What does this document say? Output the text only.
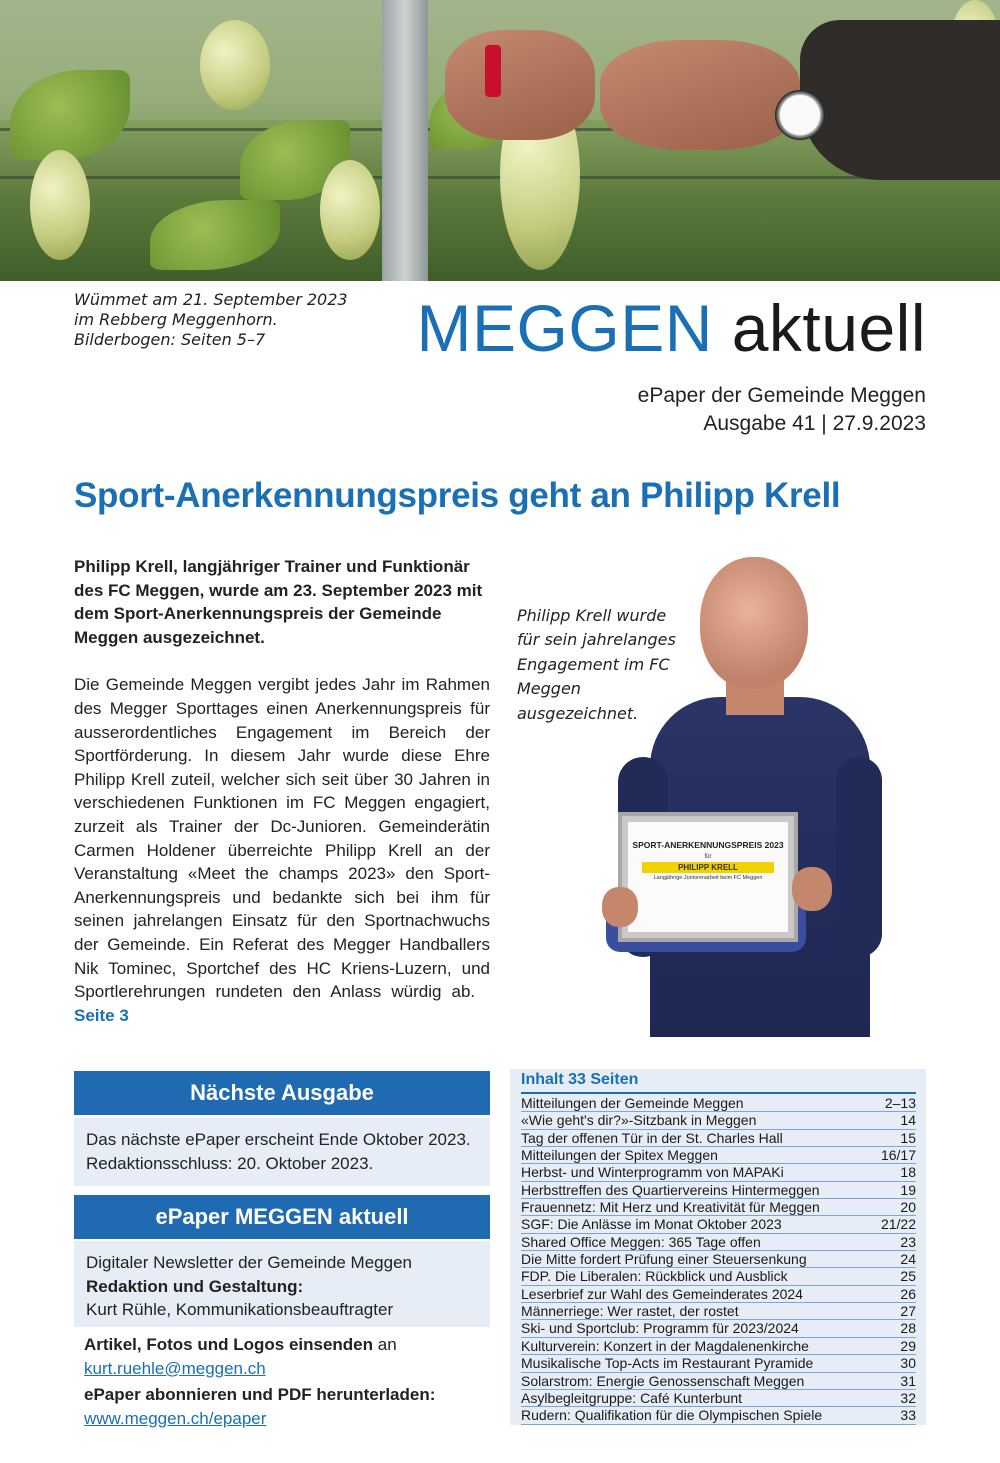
Wümmet am 21. September 2023
im Rebberg Meggenhorn.
Bilderbogen: Seiten 5–7	MEGGEN aktuell
ePaper der Gemeinde Meggen
Ausgabe 41 | 27.9.2023
Sport-Anerkennungspreis geht an Philipp Krell

Philipp Krell, langjähriger Trainer und Funktionär des FC Meggen, wurde am 23. September 2023 mit dem Sport-Anerkennungspreis der Gemeinde Meggen ausgezeichnet.

Die Gemeinde Meggen vergibt jedes Jahr im Rahmen des Megger Sporttages einen Anerkennungspreis für ausserordentliches Engagement im Bereich der Sportförderung. In diesem Jahr wurde diese Ehre Philipp Krell zuteil, welcher sich seit über 30 Jahren in verschiedenen Funktionen im FC Meggen engagiert, zurzeit als Trainer der Dc-Junioren. Gemeinderätin Carmen Holdener überreichte Philipp Krell an der Veranstaltung «Meet the champs 2023» den Sport-Anerkennungspreis und bedankte sich bei ihm für seinen jahrelangen Einsatz für den Sportnachwuchs der Gemeinde. Ein Referat des Megger Handballers Nik Tominec, Sportchef des HC Kriens-Luzern, und Sportlerehrungen rundeten den Anlass würdig ab.   Seite 3

Philipp Krell wurde für sein jahrelanges Engagement im FC Meggen ausgezeichnet.
SPORT-ANERKENNUNGSPREIS 2023
für
PHILIPP KRELL
Langjährige Juniorenarbeit beim FC Meggen
Nächste Ausgabe
Das nächste ePaper erscheint Ende Oktober 2023. Redaktionsschluss: 20. Oktober 2023.
ePaper MEGGEN aktuell
Digitaler Newsletter der Gemeinde Meggen
Redaktion und Gestaltung:
Kurt Rühle, Kommunikationsbeauftragter

Artikel, Fotos und Logos einsenden an
kurt.ruehle@meggen.ch

ePaper abonnieren und PDF herunterladen:
www.meggen.ch/epaper

Inhalt 33 Seiten
Mitteilungen der Gemeinde Meggen	2–13
«Wie geht's dir?»-Sitzbank in Meggen	14
Tag der offenen Tür in der St. Charles Hall	15
Mitteilungen der Spitex Meggen	16/17
Herbst- und Winterprogramm von MAPAKi	18
Herbsttreffen des Quartiervereins Hintermeggen	19
Frauennetz: Mit Herz und Kreativität für Meggen	20
SGF: Die Anlässe im Monat Oktober 2023	21/22
Shared Office Meggen: 365 Tage offen	23
Die Mitte fordert Prüfung einer Steuersenkung	24
FDP. Die Liberalen: Rückblick und Ausblick	25
Leserbrief zur Wahl des Gemeinderates 2024	26
Männerriege: Wer rastet, der rostet	27
Ski- und Sportclub: Programm für 2023/2024	28
Kulturverein: Konzert in der Magdalenenkirche	29
Musikalische Top-Acts im Restaurant Pyramide	30
Solarstrom: Energie Genossenschaft Meggen	31
Asylbegleitgruppe: Café Kunterbunt	32
Rudern: Qualifikation für die Olympischen Spiele	33
